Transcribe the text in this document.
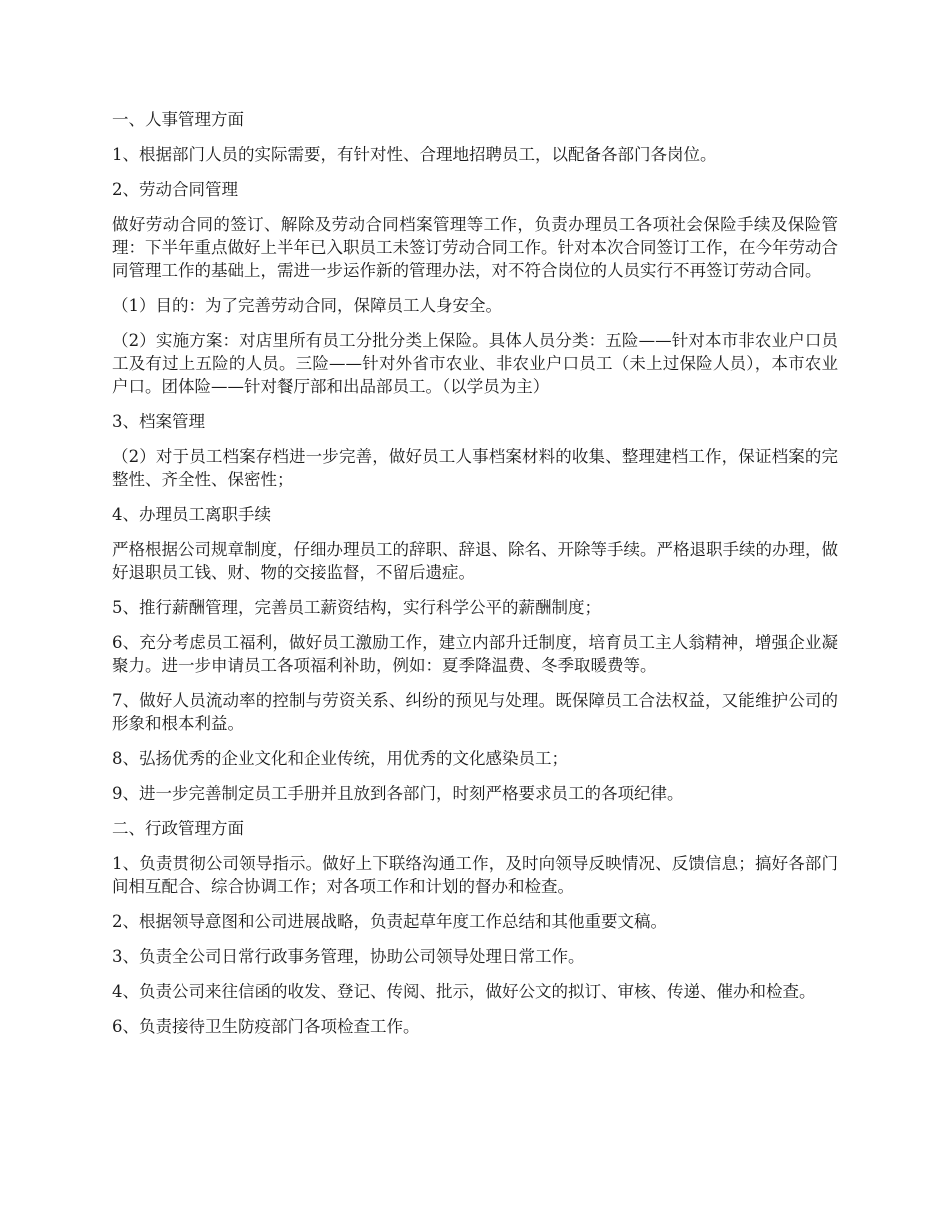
一、人事管理方面

1、根据部门人员的实际需要，有针对性、合理地招聘员工，以配备各部门各岗位。

2、劳动合同管理

做好劳动合同的签订、解除及劳动合同档案管理等工作，负责办理员工各项社会保险手续及保险管理：下半年重点做好上半年已入职员工未签订劳动合同工作。针对本次合同签订工作，在今年劳动合同管理工作的基础上，需进一步运作新的管理办法，对不符合岗位的人员实行不再签订劳动合同。

（1）目的：为了完善劳动合同，保障员工人身安全。

（2）实施方案：对店里所有员工分批分类上保险。具体人员分类：五险——针对本市非农业户口员工及有过上五险的人员。三险——针对外省市农业、非农业户口员工（未上过保险人员），本市农业户口。团体险——针对餐厅部和出品部员工。（以学员为主）

3、档案管理

（2）对于员工档案存档进一步完善，做好员工人事档案材料的收集、整理建档工作，保证档案的完整性、齐全性、保密性；

4、办理员工离职手续

严格根据公司规章制度，仔细办理员工的辞职、辞退、除名、开除等手续。严格退职手续的办理，做好退职员工钱、财、物的交接监督，不留后遗症。

5、推行薪酬管理，完善员工薪资结构，实行科学公平的薪酬制度；

6、充分考虑员工福利，做好员工激励工作，建立内部升迁制度，培育员工主人翁精神，增强企业凝聚力。进一步申请员工各项福利补助，例如：夏季降温费、冬季取暖费等。

7、做好人员流动率的控制与劳资关系、纠纷的预见与处理。既保障员工合法权益，又能维护公司的形象和根本利益。

8、弘扬优秀的企业文化和企业传统，用优秀的文化感染员工；

9、进一步完善制定员工手册并且放到各部门，时刻严格要求员工的各项纪律。

二、行政管理方面

1、负责贯彻公司领导指示。做好上下联络沟通工作，及时向领导反映情况、反馈信息；搞好各部门间相互配合、综合协调工作；对各项工作和计划的督办和检查。

2、根据领导意图和公司进展战略，负责起草年度工作总结和其他重要文稿。

3、负责全公司日常行政事务管理，协助公司领导处理日常工作。

4、负责公司来往信函的收发、登记、传阅、批示，做好公文的拟订、审核、传递、催办和检查。

6、负责接待卫生防疫部门各项检查工作。
